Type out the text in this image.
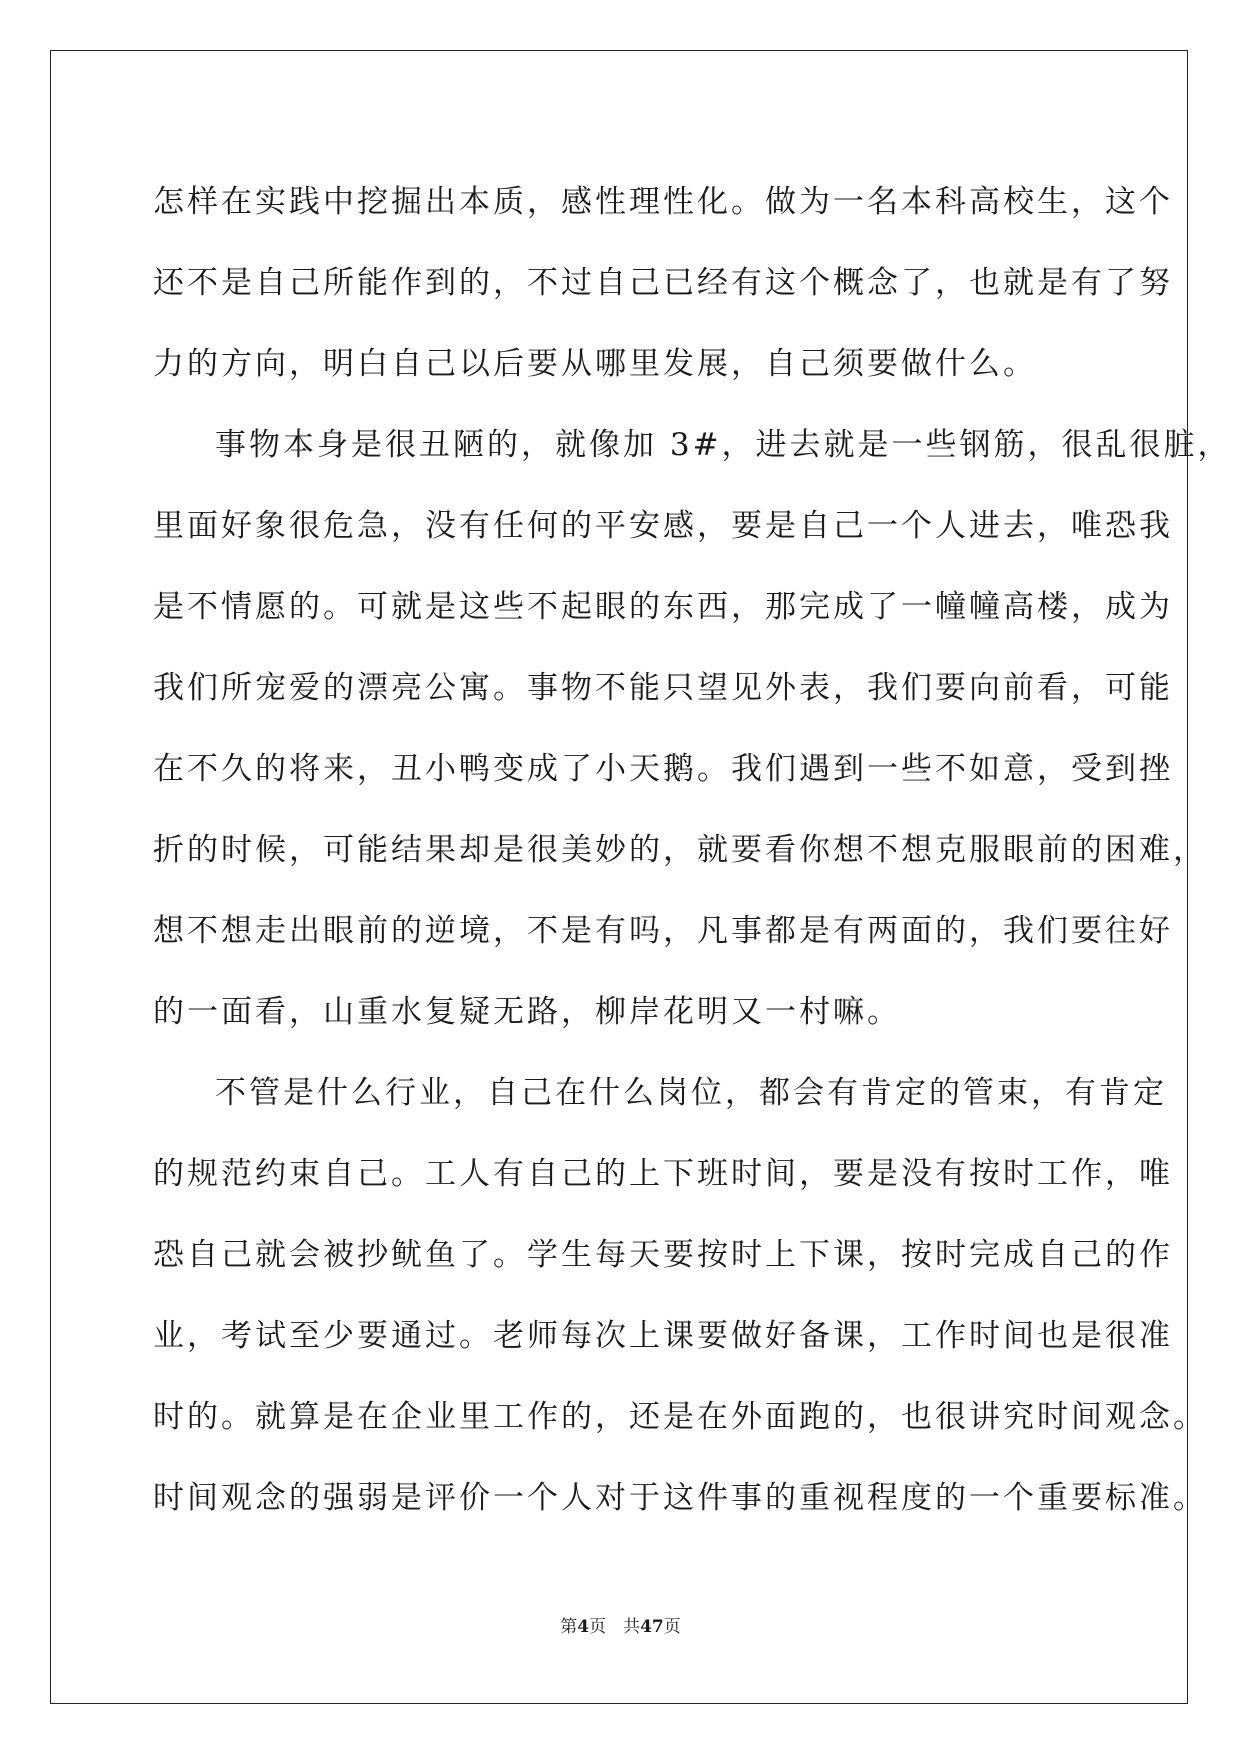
怎样在实践中挖掘出本质，感性理性化。做为一名本科高校生，这个
还不是自己所能作到的，不过自己已经有这个概念了，也就是有了努
力的方向，明白自己以后要从哪里发展，自己须要做什么。
事物本身是很丑陋的，就像加 3#，进去就是一些钢筋，很乱很脏，
里面好象很危急，没有任何的平安感，要是自己一个人进去，唯恐我
是不情愿的。可就是这些不起眼的东西，那完成了一幢幢高楼，成为
我们所宠爱的漂亮公寓。事物不能只望见外表，我们要向前看，可能
在不久的将来，丑小鸭变成了小天鹅。我们遇到一些不如意，受到挫
折的时候，可能结果却是很美妙的，就要看你想不想克服眼前的困难，
想不想走出眼前的逆境，不是有吗，凡事都是有两面的，我们要往好
的一面看，山重水复疑无路，柳岸花明又一村嘛。
不管是什么行业，自己在什么岗位，都会有肯定的管束，有肯定
的规范约束自己。工人有自己的上下班时间，要是没有按时工作，唯
恐自己就会被抄鱿鱼了。学生每天要按时上下课，按时完成自己的作
业，考试至少要通过。老师每次上课要做好备课，工作时间也是很准
时的。就算是在企业里工作的，还是在外面跑的，也很讲究时间观念。
时间观念的强弱是评价一个人对于这件事的重视程度的一个重要标准。
第4页　共47页
